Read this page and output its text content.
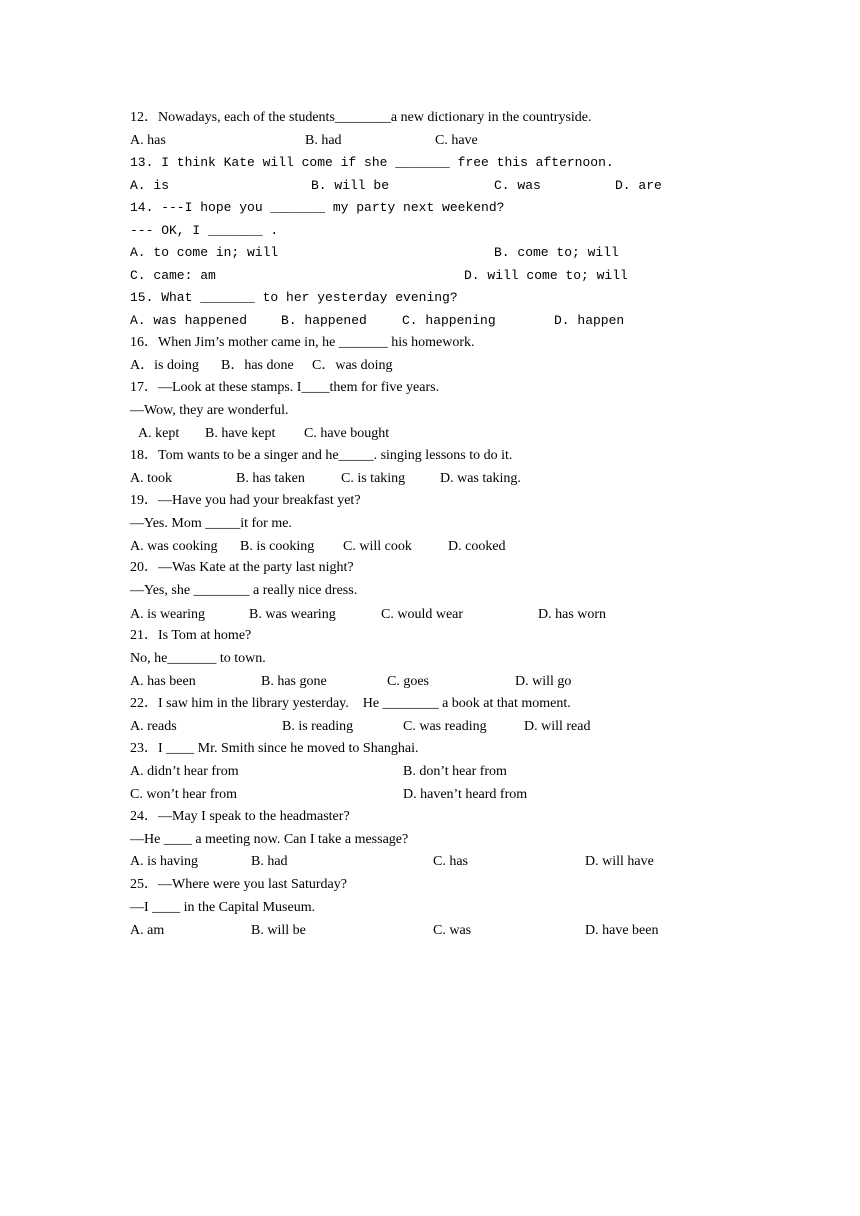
12．Nowadays, each of the students________a new dictionary in the countryside.
A. has	B. had	C. have
13. I think Kate will come if she _______ free this afternoon.
A. is	B. will be	C. was	D. are
14. ---I hope you _______ my party next weekend?
--- OK, I _______ .
A. to come in; will	B. come to; will
C. came: am	D. will come to; will
15. What _______ to her yesterday evening?
A. was happened	B. happened	C. happening	D. happen
16．When Jim’s mother came in, he _______ his homework.
A．is doing B．has done C．was doing
17．—Look at these stamps. I____them for five years.
—Wow, they are wonderful.
A. kept B. have kept C. have bought
18．Tom wants to be a singer and he_____. singing lessons to do it.
A. took	B. has taken	C. is taking D. was taking.
19．—Have you had your breakfast yet?
—Yes. Mom _____it for me.
A. was cooking B. is cooking C. will cook	D. cooked
20．—Was Kate at the party last night?
—Yes, she ________ a really nice dress.
A. is wearing	B. was wearing	C. would wear	D. has worn
21．Is Tom at home?
No, he_______ to town.
A. has been	B. has gone	C. goes	D. will go
22．I saw him in the library yesterday.　He ________ a book at that moment.
A. reads	B. is reading	C. was reading	D. will read
23．I ____ Mr. Smith since he moved to Shanghai.
A. didn’t hear from	B. don’t hear from
C. won’t hear from	D. haven’t heard from
24．—May I speak to the headmaster?
—He ____ a meeting now. Can I take a message?
A. is having	B. had	C. has	D. will have
25．—Where were you last Saturday?
—I ____ in the Capital Museum.
A. am	B. will be	C. was	D. have been
